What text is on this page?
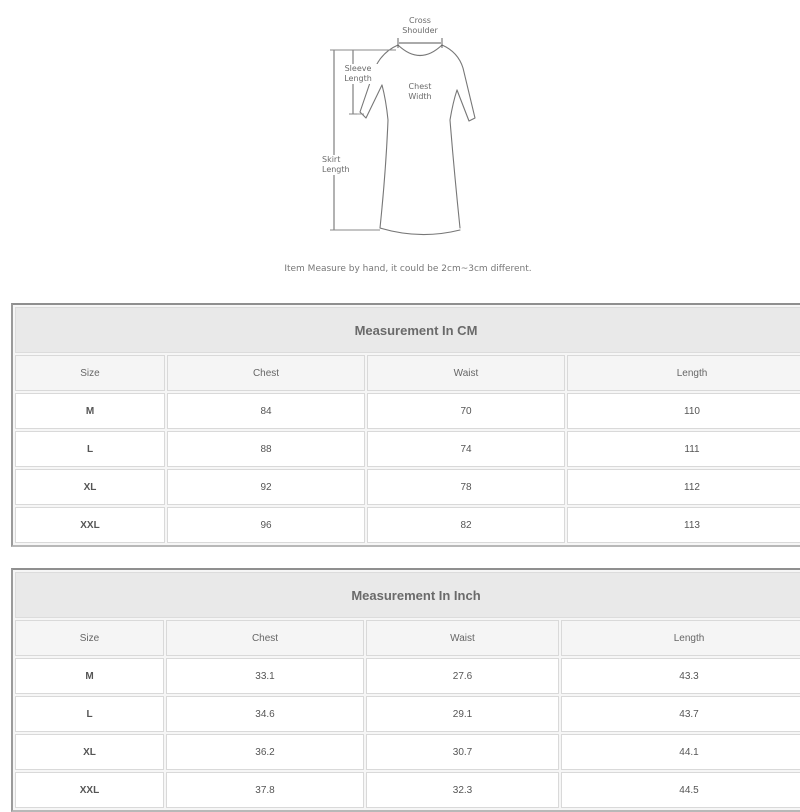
Cross
Shoulder
Sleeve
Length
Chest
Width
Skirt
Length
Item Measure by hand, it could be 2cm~3cm different.
Measurement In CM			
Size	Chest	Waist	Length
M	84	70	110
L	88	74	111
XL	92	78	112
XXL	96	82	113
Measurement In Inch			
Size	Chest	Waist	Length
M	33.1	27.6	43.3
L	34.6	29.1	43.7
XL	36.2	30.7	44.1
XXL	37.8	32.3	44.5
